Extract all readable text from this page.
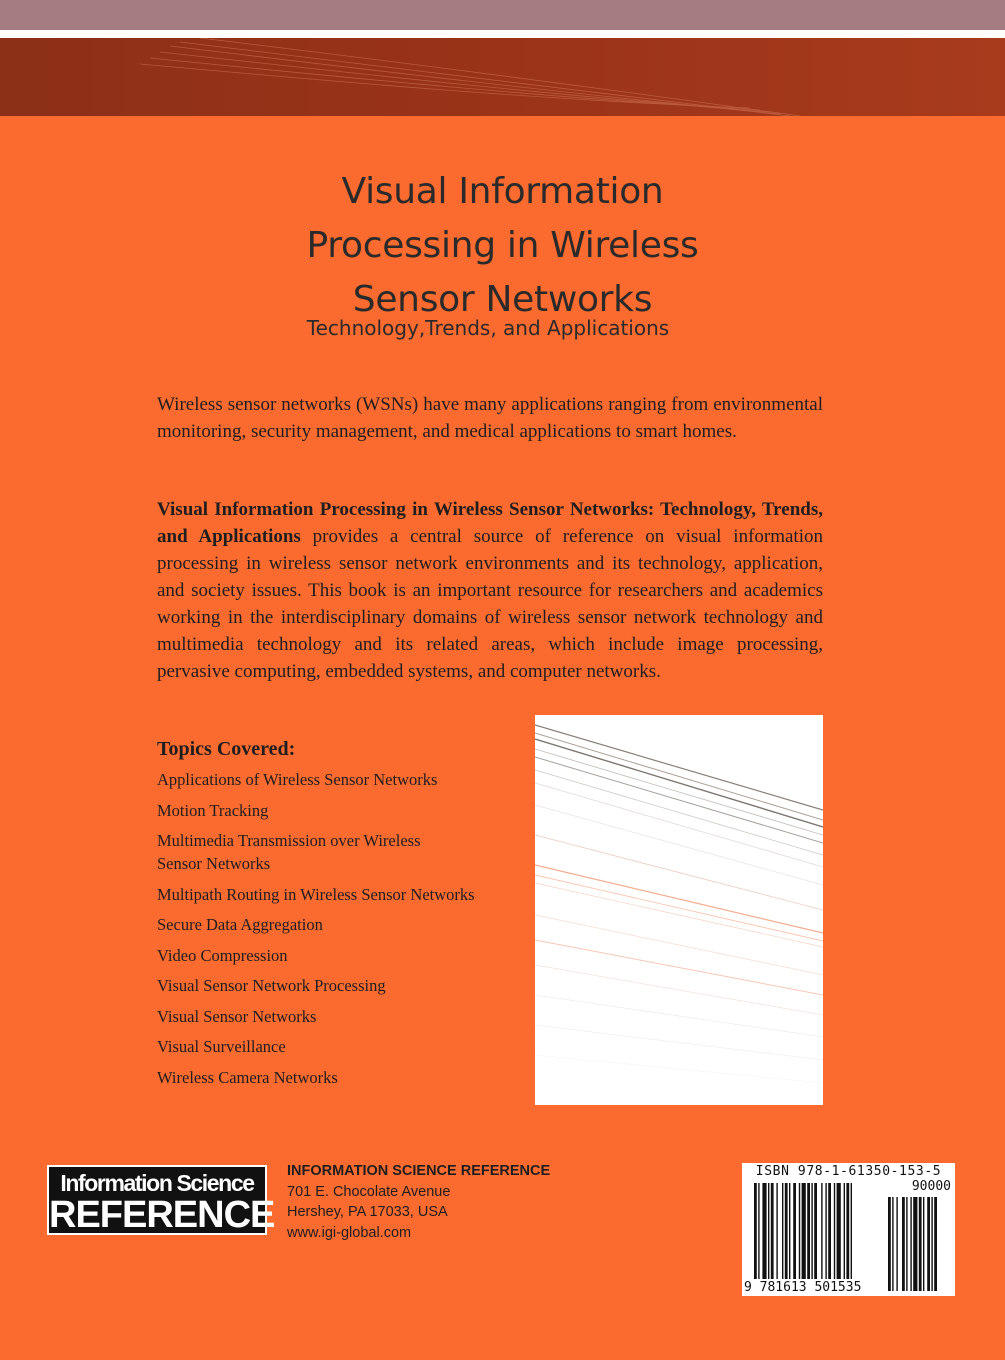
Visual Information
Processing in Wireless
Sensor Networks

Technology,Trends, and Applications

Wireless sensor networks (WSNs) have many applications ranging from environmental monitoring, security management, and medical applications to smart homes.

Visual Information Processing in Wireless Sensor Networks: Technology, Trends, and Applications provides a central source of reference on visual information processing in wireless sensor network environments and its technology, application, and society issues. This book is an important resource for researchers and academics working in the interdisciplinary domains of wireless sensor network technology and multimedia technology and its related areas, which include image processing, pervasive computing, embedded systems, and computer networks.

Topics Covered:
Applications of Wireless Sensor Networks
Motion Tracking
Multimedia Transmission over Wireless Sensor Networks
Multipath Routing in Wireless Sensor Networks
Secure Data Aggregation
Video Compression
Visual Sensor Network Processing
Visual Sensor Networks
Visual Surveillance
Wireless Camera Networks
Information Science
REFERENCE

INFORMATION SCIENCE REFERENCE
701 E. Chocolate Avenue
Hershey, PA 17033, USA
www.igi-global.com

ISBN 978-1-61350-153-5
90000
9 781613 501535
